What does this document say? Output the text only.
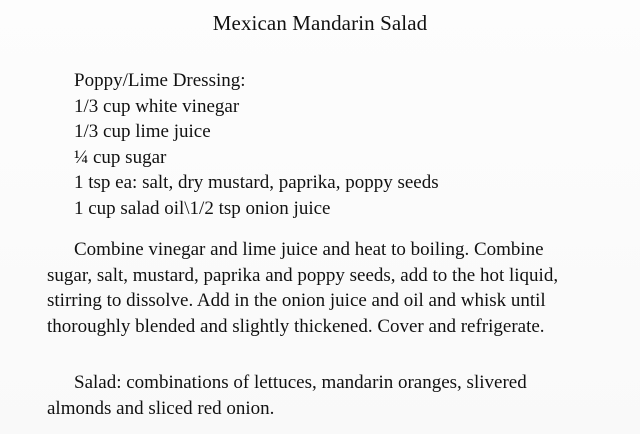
Mexican Mandarin Salad
Poppy/Lime Dressing:
1/3 cup white vinegar
1/3 cup lime juice
¼ cup sugar
1 tsp ea: salt, dry mustard, paprika, poppy seeds
1 cup salad oil\1/2 tsp onion juice
Combine vinegar and lime juice and heat to boiling. Combine
sugar, salt, mustard, paprika and poppy seeds, add to the hot liquid,
stirring to dissolve. Add in the onion juice and oil and whisk until
thoroughly blended and slightly thickened. Cover and refrigerate.
Salad: combinations of lettuces, mandarin oranges, slivered
almonds and sliced red onion.
